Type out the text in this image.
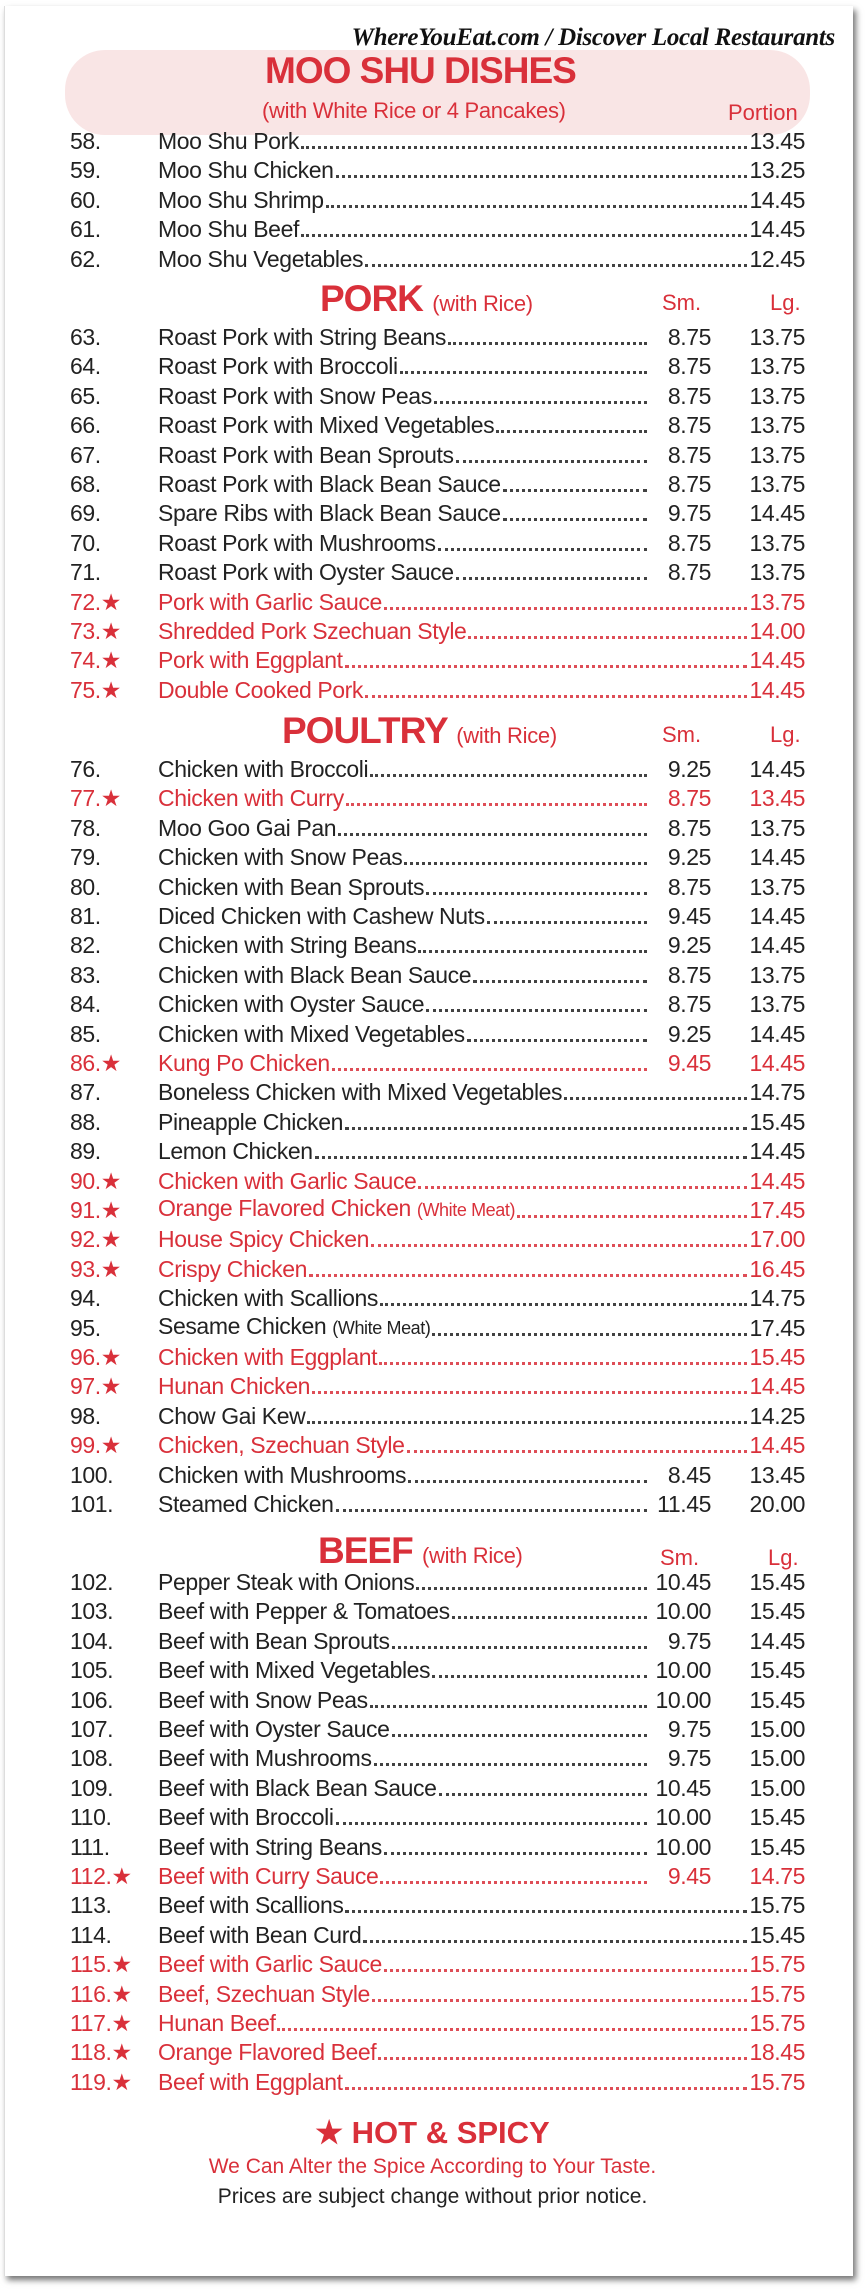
WhereYouEat.com / Discover Local Restaurants
MOO SHU DISHES
(with White Rice or 4 Pancakes)	Portion
PORK (with Rice)	Sm.	Lg.
POULTRY (with Rice)	Sm.	Lg.
BEEF (with Rice)	Sm.	Lg.
58.	Moo Shu Pork	13.45
59.	Moo Shu Chicken	13.25
60.	Moo Shu Shrimp	14.45
61.	Moo Shu Beef	14.45
62.	Moo Shu Vegetables	12.45
63.	Roast Pork with String Beans	8.75	13.75
64.	Roast Pork with Broccoli	8.75	13.75
65.	Roast Pork with Snow Peas	8.75	13.75
66.	Roast Pork with Mixed Vegetables	8.75	13.75
67.	Roast Pork with Bean Sprouts	8.75	13.75
68.	Roast Pork with Black Bean Sauce	8.75	13.75
69.	Spare Ribs with Black Bean Sauce	9.75	14.45
70.	Roast Pork with Mushrooms	8.75	13.75
71.	Roast Pork with Oyster Sauce	8.75	13.75
72.★	Pork with Garlic Sauce	13.75
73.★	Shredded Pork Szechuan Style	14.00
74.★	Pork with Eggplant	14.45
75.★	Double Cooked Pork	14.45
76.	Chicken with Broccoli	9.25	14.45
77.★	Chicken with Curry	8.75	13.45
78.	Moo Goo Gai Pan	8.75	13.75
79.	Chicken with Snow Peas	9.25	14.45
80.	Chicken with Bean Sprouts	8.75	13.75
81.	Diced Chicken with Cashew Nuts	9.45	14.45
82.	Chicken with String Beans	9.25	14.45
83.	Chicken with Black Bean Sauce	8.75	13.75
84.	Chicken with Oyster Sauce	8.75	13.75
85.	Chicken with Mixed Vegetables	9.25	14.45
86.★	Kung Po Chicken	9.45	14.45
87.	Boneless Chicken with Mixed Vegetables	14.75
88.	Pineapple Chicken	15.45
89.	Lemon Chicken	14.45
90.★	Chicken with Garlic Sauce	14.45
91.★	Orange Flavored Chicken (White Meat)	17.45
92.★	House Spicy Chicken	17.00
93.★	Crispy Chicken	16.45
94.	Chicken with Scallions	14.75
95.	Sesame Chicken (White Meat)	17.45
96.★	Chicken with Eggplant	15.45
97.★	Hunan Chicken	14.45
98.	Chow Gai Kew	14.25
99.★	Chicken, Szechuan Style	14.45
100.	Chicken with Mushrooms	8.45	13.45
101.	Steamed Chicken	11.45	20.00
102.	Pepper Steak with Onions	10.45	15.45
103.	Beef with Pepper & Tomatoes	10.00	15.45
104.	Beef with Bean Sprouts	9.75	14.45
105.	Beef with Mixed Vegetables	10.00	15.45
106.	Beef with Snow Peas	10.00	15.45
107.	Beef with Oyster Sauce	9.75	15.00
108.	Beef with Mushrooms	9.75	15.00
109.	Beef with Black Bean Sauce	10.45	15.00
110.	Beef with Broccoli	10.00	15.45
111.	Beef with String Beans	10.00	15.45
112.★	Beef with Curry Sauce	9.45	14.75
113.	Beef with Scallions	15.75
114.	Beef with Bean Curd	15.45
115.★	Beef with Garlic Sauce	15.75
116.★	Beef, Szechuan Style	15.75
117.★	Hunan Beef	15.75
118.★	Orange Flavored Beef	18.45
119.★	Beef with Eggplant	15.75
★ HOT & SPICY
We Can Alter the Spice According to Your Taste.
Prices are subject change without prior notice.
